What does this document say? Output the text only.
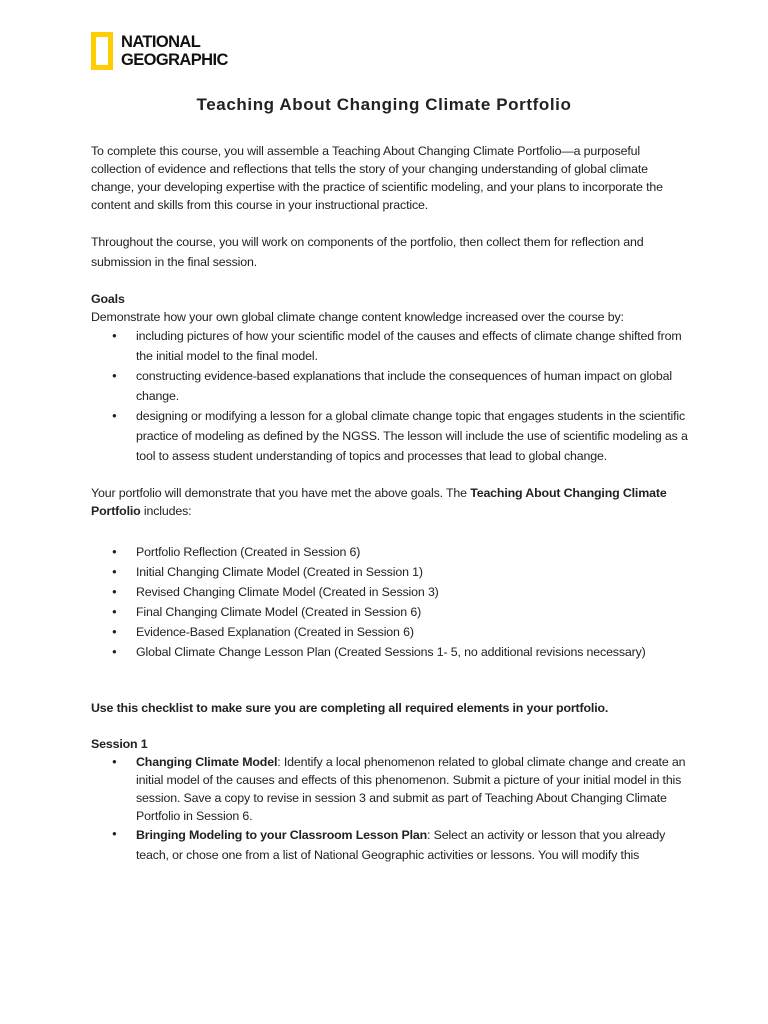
NATIONAL
GEOGRAPHIC
Teaching About Changing Climate Portfolio

To complete this course, you will assemble a Teaching About Changing Climate Portfolio—a purposeful collection of evidence and reflections that tells the story of your changing understanding of global climate change, your developing expertise with the practice of scientific modeling, and your plans to incorporate the content and skills from this course in your instructional practice.

Throughout the course, you will work on components of the portfolio, then collect them for reflection and submission in the final session.

Goals

Demonstrate how your own global climate change content knowledge increased over the course by:

● including pictures of how your scientific model of the causes and effects of climate change shifted from the initial model to the final model.
● constructing evidence-based explanations that include the consequences of human impact on global change.
● designing or modifying a lesson for a global climate change topic that engages students in the scientific practice of modeling as defined by the NGSS. The lesson will include the use of scientific modeling as a tool to assess student understanding of topics and processes that lead to global change.

Your portfolio will demonstrate that you have met the above goals. The Teaching About Changing Climate Portfolio includes:

● Portfolio Reflection (Created in Session 6)
● Initial Changing Climate Model (Created in Session 1)
● Revised Changing Climate Model (Created in Session 3)
● Final Changing Climate Model (Created in Session 6)
● Evidence-Based Explanation (Created in Session 6)
● Global Climate Change Lesson Plan (Created Sessions 1- 5, no additional revisions necessary)

Use this checklist to make sure you are completing all required elements in your portfolio.

Session 1

● Changing Climate Model: Identify a local phenomenon related to global climate change and create an initial model of the causes and effects of this phenomenon. Submit a picture of your initial model in this session. Save a copy to revise in session 3 and submit as part of Teaching About Changing Climate Portfolio in Session 6.
● Bringing Modeling to your Classroom Lesson Plan: Select an activity or lesson that you already teach, or chose one from a list of National Geographic activities or lessons. You will modify this
